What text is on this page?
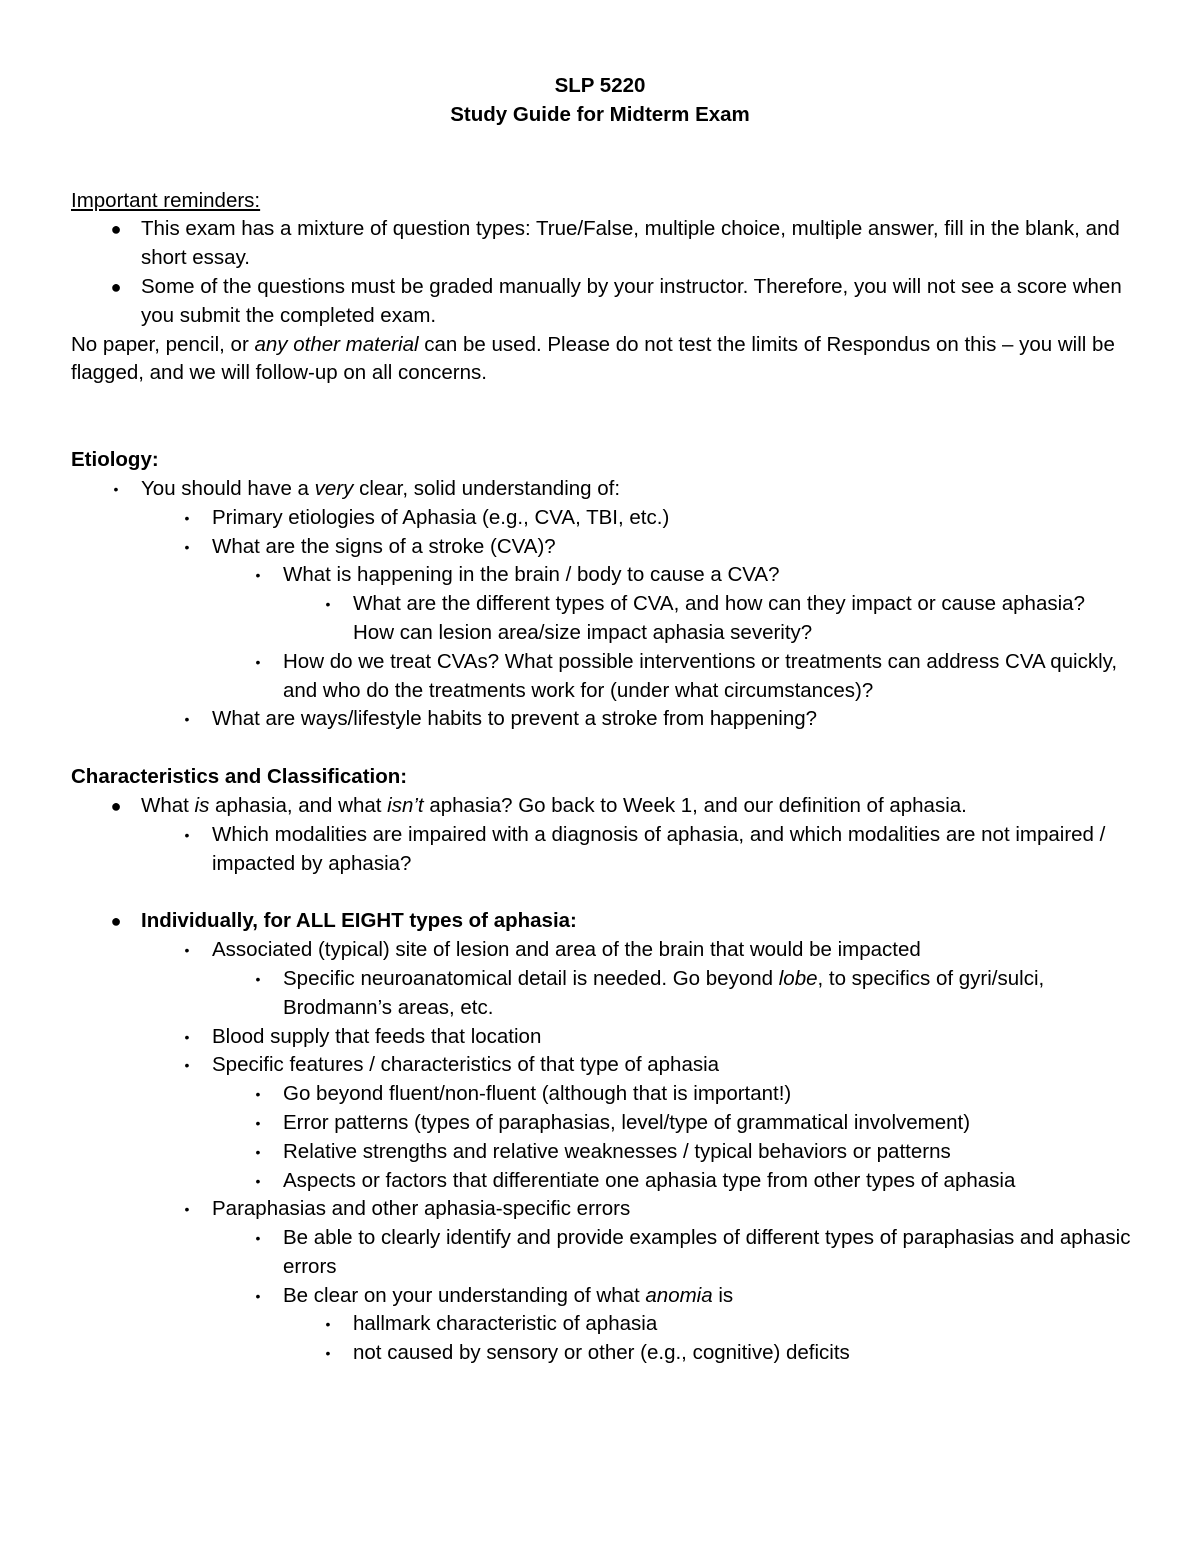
SLP 5220

Study Guide for Midterm Exam

Important reminders:

● This exam has a mixture of question types: True/False, multiple choice, multiple answer, fill in the blank, and short essay.
● Some of the questions must be graded manually by your instructor. Therefore, you will not see a score when you submit the completed exam.

No paper, pencil, or any other material can be used. Please do not test the limits of Respondus on this – you will be flagged, and we will follow-up on all concerns.

Etiology:

•	You should have a very clear, solid understanding of:
•	Primary etiologies of Aphasia (e.g., CVA, TBI, etc.)
•	What are the signs of a stroke (CVA)?
•	What is happening in the brain / body to cause a CVA?
•	What are the different types of CVA, and how can they impact or cause aphasia? How can lesion area/size impact aphasia severity?
•	How do we treat CVAs? What possible interventions or treatments can address CVA quickly, and who do the treatments work for (under what circumstances)?
•	What are ways/lifestyle habits to prevent a stroke from happening?

Characteristics and Classification:

● What is aphasia, and what isn’t aphasia? Go back to Week 1, and our definition of aphasia.
•	Which modalities are impaired with a diagnosis of aphasia, and which modalities are not impaired / impacted by aphasia?
● Individually, for ALL EIGHT types of aphasia:
•	Associated (typical) site of lesion and area of the brain that would be impacted
•	Specific neuroanatomical detail is needed. Go beyond lobe, to specifics of gyri/sulci, Brodmann’s areas, etc.
•	Blood supply that feeds that location
•	Specific features / characteristics of that type of aphasia
•	Go beyond fluent/non-fluent (although that is important!)
•	Error patterns (types of paraphasias, level/type of grammatical involvement)
•	Relative strengths and relative weaknesses / typical behaviors or patterns
•	Aspects or factors that differentiate one aphasia type from other types of aphasia
•	Paraphasias and other aphasia-specific errors
•	Be able to clearly identify and provide examples of different types of paraphasias and aphasic errors
•	Be clear on your understanding of what anomia is
•	hallmark characteristic of aphasia
•	not caused by sensory or other (e.g., cognitive) deficits
